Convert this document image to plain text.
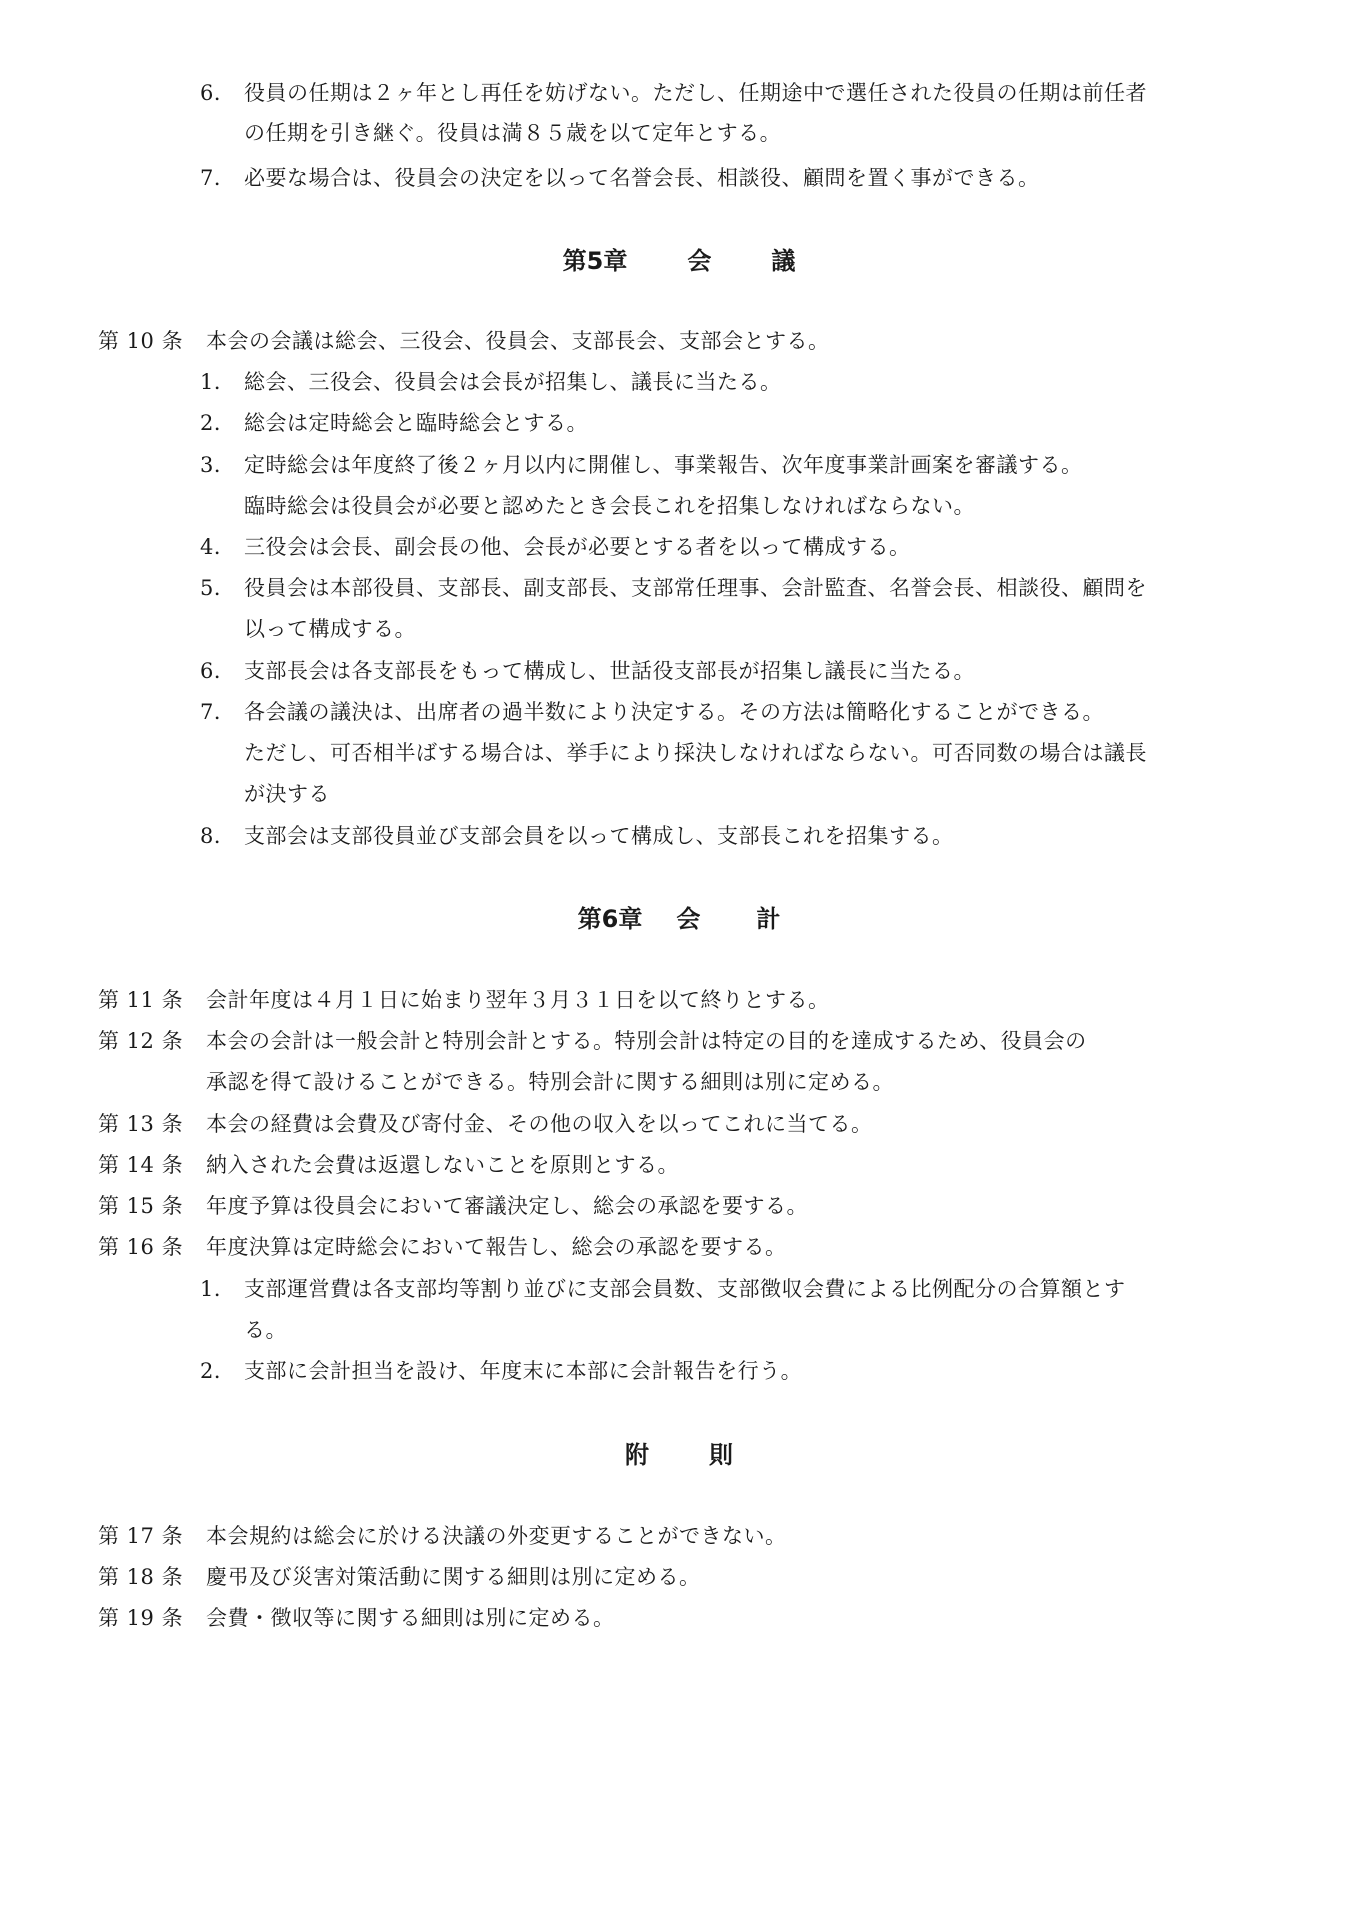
6． 役員の任期は２ヶ年とし再任を妨げない。ただし、任期途中で選任された役員の任期は前任者
の任期を引き継ぐ。役員は満８５歳を以て定年とする。
7． 必要な場合は、役員会の決定を以って名誉会長、相談役、顧問を置く事ができる。
第5章	会	議
第 10 条 本会の会議は総会、三役会、役員会、支部長会、支部会とする。
1． 総会、三役会、役員会は会長が招集し、議長に当たる。
2． 総会は定時総会と臨時総会とする。
3． 定時総会は年度終了後２ヶ月以内に開催し、事業報告、次年度事業計画案を審議する。
臨時総会は役員会が必要と認めたとき会長これを招集しなければならない。
4． 三役会は会長、副会長の他、会長が必要とする者を以って構成する。
5． 役員会は本部役員、支部長、副支部長、支部常任理事、会計監査、名誉会長、相談役、顧問を
以って構成する。
6． 支部長会は各支部長をもって構成し、世話役支部長が招集し議長に当たる。
7． 各会議の議決は、出席者の過半数により決定する。その方法は簡略化することができる。
ただし、可否相半ばする場合は、挙手により採決しなければならない。可否同数の場合は議長
が決する
8． 支部会は支部役員並び支部会員を以って構成し、支部長これを招集する。
第6章 会 計
第 11 条 会計年度は４月１日に始まり翌年３月３１日を以て終りとする。
第 12 条 本会の会計は一般会計と特別会計とする。特別会計は特定の目的を達成するため、役員会の
承認を得て設けることができる。特別会計に関する細則は別に定める。
第 13 条 本会の経費は会費及び寄付金、その他の収入を以ってこれに当てる。
第 14 条 納入された会費は返還しないことを原則とする。
第 15 条 年度予算は役員会において審議決定し、総会の承認を要する。
第 16 条 年度決算は定時総会において報告し、総会の承認を要する。
1． 支部運営費は各支部均等割り並びに支部会員数、支部徴収会費による比例配分の合算額とす
る。
2． 支部に会計担当を設け、年度末に本部に会計報告を行う。
附	則
第 17 条 本会規約は総会に於ける決議の外変更することができない。
第 18 条 慶弔及び災害対策活動に関する細則は別に定める。
第 19 条 会費・徴収等に関する細則は別に定める。
